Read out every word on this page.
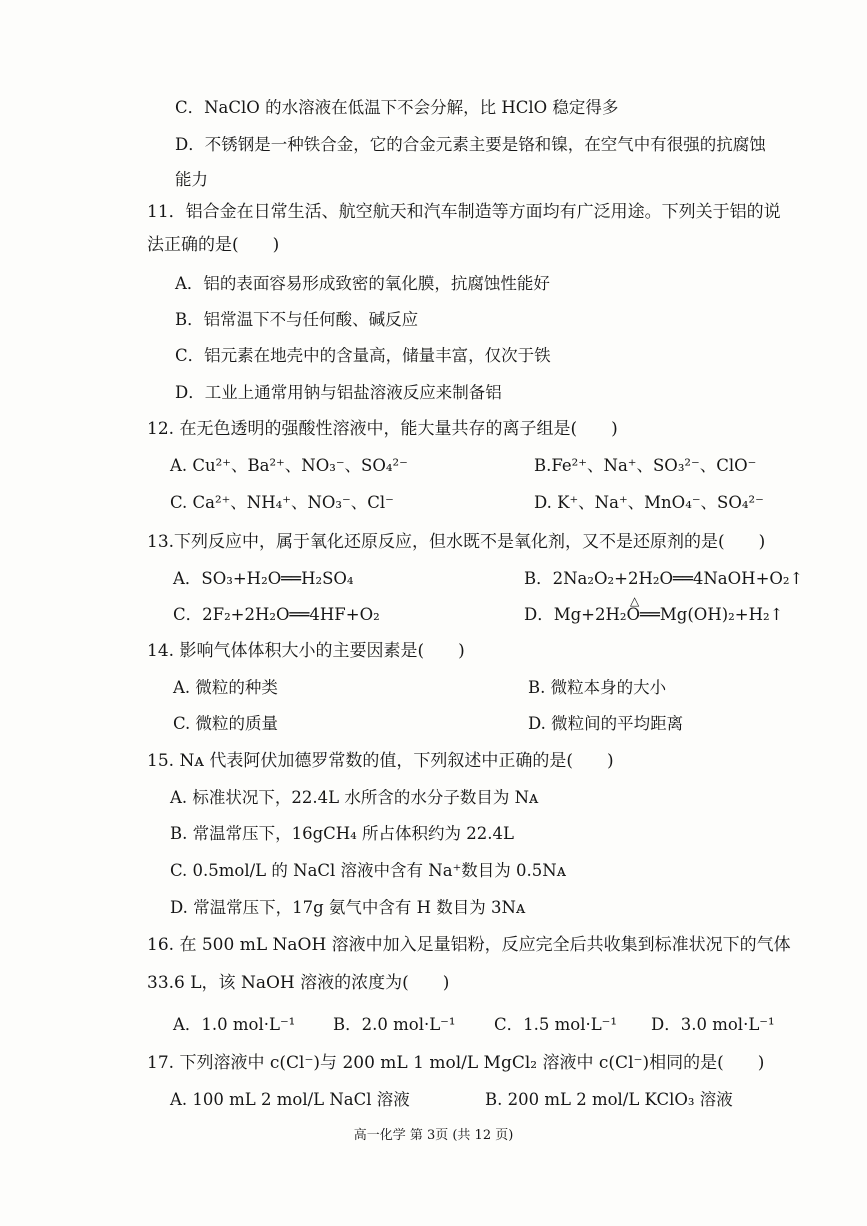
C．NaClO 的水溶液在低温下不会分解，比 HClO 稳定得多
D．不锈钢是一种铁合金，它的合金元素主要是铬和镍，在空气中有很强的抗腐蚀
能力
11．铝合金在日常生活、航空航天和汽车制造等方面均有广泛用途。下列关于铝的说
法正确的是(　　)
A．铝的表面容易形成致密的氧化膜，抗腐蚀性能好
B．铝常温下不与任何酸、碱反应
C．铝元素在地壳中的含量高，储量丰富，仅次于铁
D．工业上通常用钠与铝盐溶液反应来制备铝
12. 在无色透明的强酸性溶液中，能大量共存的离子组是(　　)
A. Cu²⁺、Ba²⁺、NO₃⁻、SO₄²⁻	B.Fe²⁺、Na⁺、SO₃²⁻、ClO⁻
C. Ca²⁺、NH₄⁺、NO₃⁻、Cl⁻	D. K⁺、Na⁺、MnO₄⁻、SO₄²⁻
13.下列反应中，属于氧化还原反应，但水既不是氧化剂，又不是还原剂的是(　　)
A．SO₃+H₂O══H₂SO₄	B．2Na₂O₂+2H₂O══4NaOH+O₂↑
C．2F₂+2H₂O══4HF+O₂	D．Mg+2H₂O══Mg(OH)₂+H₂↑
△
14. 影响气体体积大小的主要因素是(　　)
A. 微粒的种类	B. 微粒本身的大小
C. 微粒的质量	D. 微粒间的平均距离
15. Nᴀ 代表阿伏加德罗常数的值，下列叙述中正确的是(　　)
A. 标准状况下，22.4L 水所含的水分子数目为 Nᴀ
B. 常温常压下，16gCH₄ 所占体积约为 22.4L
C. 0.5mol/L 的 NaCl 溶液中含有 Na⁺数目为 0.5Nᴀ
D. 常温常压下，17g 氨气中含有 H 数目为 3Nᴀ
16. 在 500 mL NaOH 溶液中加入足量铝粉，反应完全后共收集到标准状况下的气体
33.6 L，该 NaOH 溶液的浓度为(　　)
A．1.0 mol·L⁻¹ B．2.0 mol·L⁻¹ C．1.5 mol·L⁻¹ D．3.0 mol·L⁻¹
17. 下列溶液中 c(Cl⁻)与 200 mL 1 mol/L MgCl₂ 溶液中 c(Cl⁻)相同的是(　　)
A. 100 mL 2 mol/L NaCl 溶液	B. 200 mL 2 mol/L KClO₃ 溶液
高一化学 第 3页 (共 12 页)
